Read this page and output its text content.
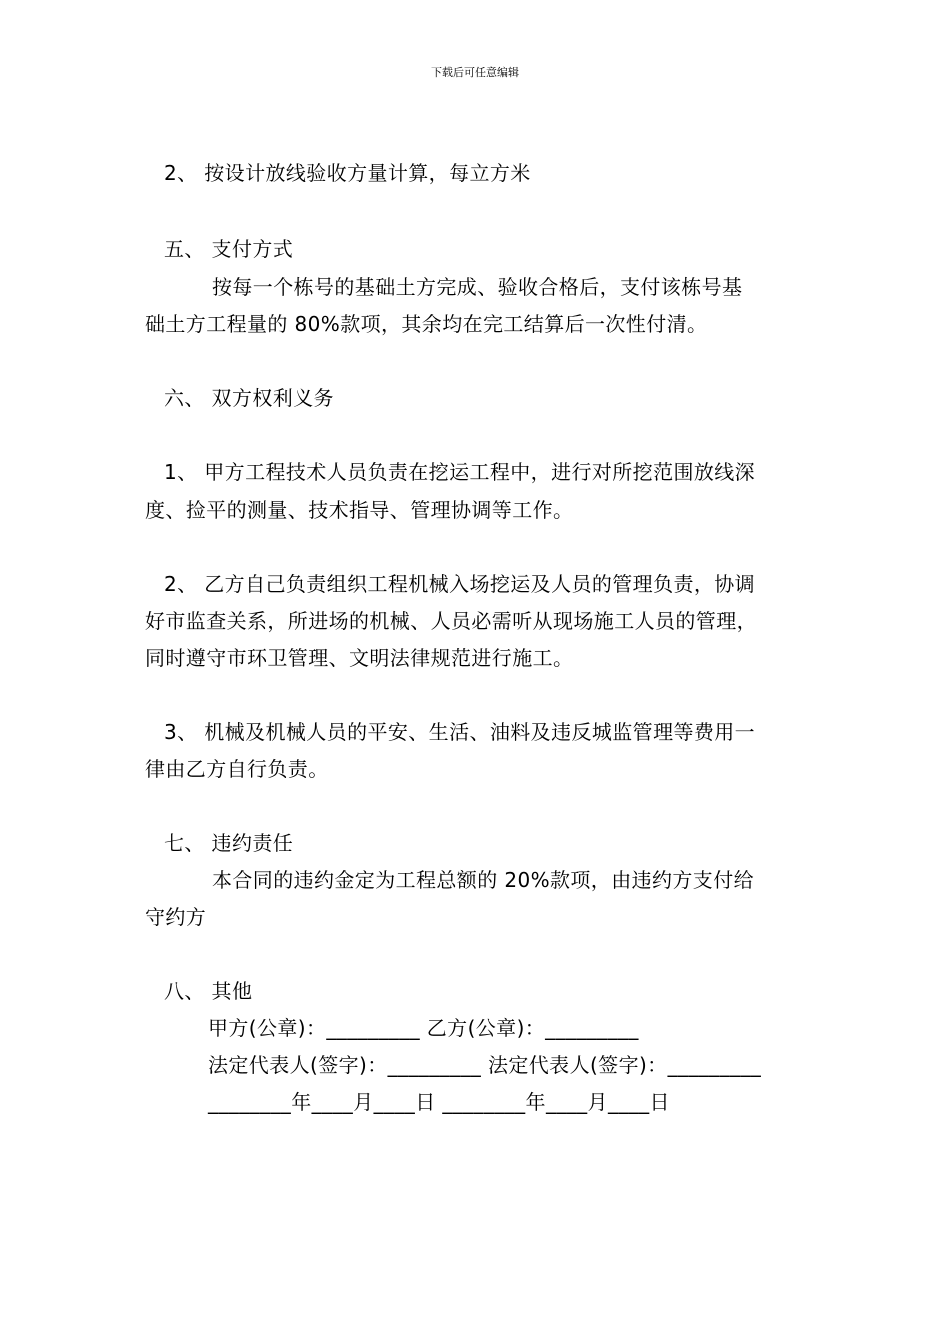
下载后可任意编辑
2、 按设计放线验收方量计算，每立方米
五、 支付方式
按每一个栋号的基础土方完成、验收合格后，支付该栋号基
础土方工程量的 80%款项，其余均在完工结算后一次性付清。
六、 双方权利义务
1、 甲方工程技术人员负责在挖运工程中，进行对所挖范围放线深
度、捡平的测量、技术指导、管理协调等工作。
2、 乙方自己负责组织工程机械入场挖运及人员的管理负责，协调
好市监查关系，所进场的机械、人员必需听从现场施工人员的管理，
同时遵守市环卫管理、文明法律规范进行施工。
3、 机械及机械人员的平安、生活、油料及违反城监管理等费用一
律由乙方自行负责。
七、 违约责任
本合同的违约金定为工程总额的 20%款项，由违约方支付给
守约方
八、 其他
甲方(公章)：_________ 乙方(公章)：_________
法定代表人(签字)：_________ 法定代表人(签字)：_________
________年____月____日 ________年____月____日
